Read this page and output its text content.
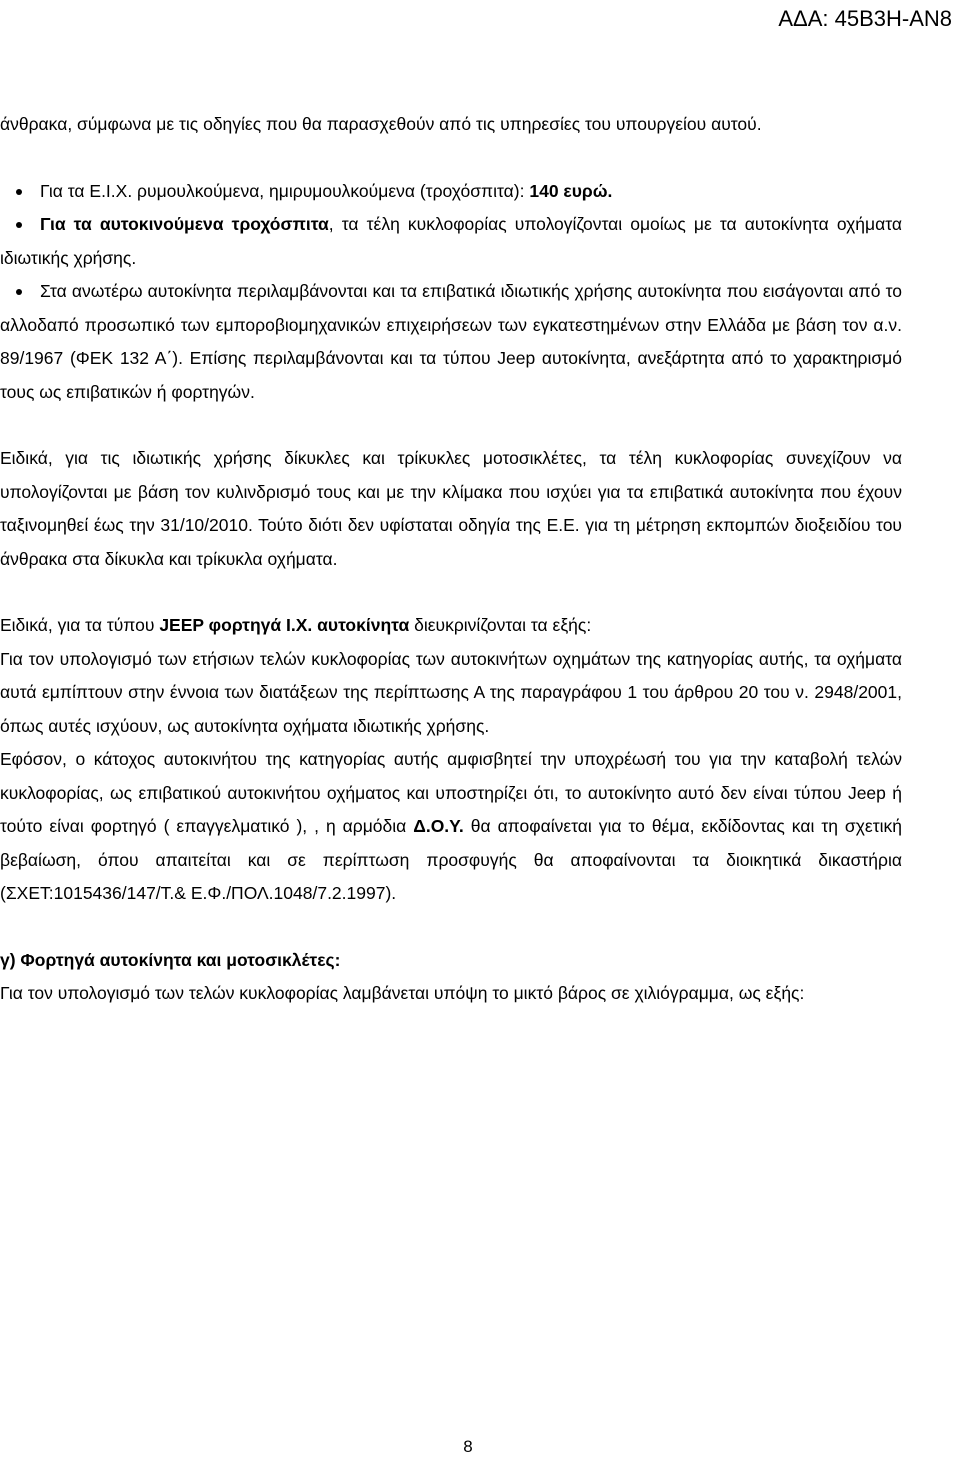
ΑΔΑ: 45Β3Η-ΑΝ8

άνθρακα, σύμφωνα με τις οδηγίες που θα παρασχεθούν από τις υπηρεσίες του υπουργείου αυτού.

Για τα Ε.Ι.Χ. ρυμουλκούμενα, ημιρυμουλκούμενα (τροχόσπιτα): 140 ευρώ.

Για τα αυτοκινούμενα τροχόσπιτα, τα τέλη κυκλοφορίας υπολογίζονται ομοίως με τα αυτοκίνητα οχήματα ιδιωτικής χρήσης.

Στα ανωτέρω αυτοκίνητα περιλαμβάνονται και τα επιβατικά ιδιωτικής χρήσης αυτοκίνητα που εισάγονται από το αλλοδαπό προσωπικό των εμποροβιομηχανικών επιχειρήσεων των εγκατεστημένων στην Ελλάδα με βάση τον α.ν. 89/1967 (ΦΕΚ 132 Α΄). Επίσης περιλαμβάνονται και τα τύπου Jeep αυτοκίνητα, ανεξάρτητα από το χαρακτηρισμό τους ως επιβατικών ή φορτηγών.

Ειδικά, για τις ιδιωτικής χρήσης δίκυκλες και τρίκυκλες μοτοσικλέτες, τα τέλη κυκλοφορίας συνεχίζουν να υπολογίζονται με βάση τον κυλινδρισμό τους και με την κλίμακα που ισχύει για τα επιβατικά αυτοκίνητα που έχουν ταξινομηθεί έως την 31/10/2010. Τούτο διότι δεν υφίσταται οδηγία της Ε.Ε. για τη μέτρηση εκπομπών διοξειδίου του άνθρακα στα δίκυκλα και τρίκυκλα οχήματα.

Ειδικά, για τα τύπου JEEP φορτηγά Ι.Χ. αυτοκίνητα διευκρινίζονται τα εξής:

Για τον υπολογισμό των ετήσιων τελών κυκλοφορίας των αυτοκινήτων οχημάτων της κατηγορίας αυτής, τα οχήματα αυτά εμπίπτουν στην έννοια των διατάξεων της περίπτωσης Α της παραγράφου 1 του άρθρου 20 του ν. 2948/2001, όπως αυτές ισχύουν, ως αυτοκίνητα οχήματα ιδιωτικής χρήσης.

Εφόσον, ο κάτοχος αυτοκινήτου της κατηγορίας αυτής αμφισβητεί την υποχρέωσή του για την καταβολή τελών κυκλοφορίας, ως επιβατικού αυτοκινήτου οχήματος και υποστηρίζει ότι, το αυτοκίνητο αυτό δεν είναι τύπου Jeep ή τούτο είναι φορτηγό ( επαγγελματικό ), , η αρμόδια Δ.Ο.Υ. θα αποφαίνεται για το θέμα, εκδίδοντας και τη σχετική βεβαίωση, όπου απαιτείται και σε περίπτωση προσφυγής θα αποφαίνονται τα διοικητικά δικαστήρια (ΣΧΕΤ:1015436/147/Τ.& Ε.Φ./ΠΟΛ.1048/7.2.1997).

γ) Φορτηγά αυτοκίνητα και μοτοσικλέτες:

Για τον υπολογισμό των τελών κυκλοφορίας λαμβάνεται υπόψη το μικτό βάρος σε χιλιόγραμμα, ως εξής:

8
